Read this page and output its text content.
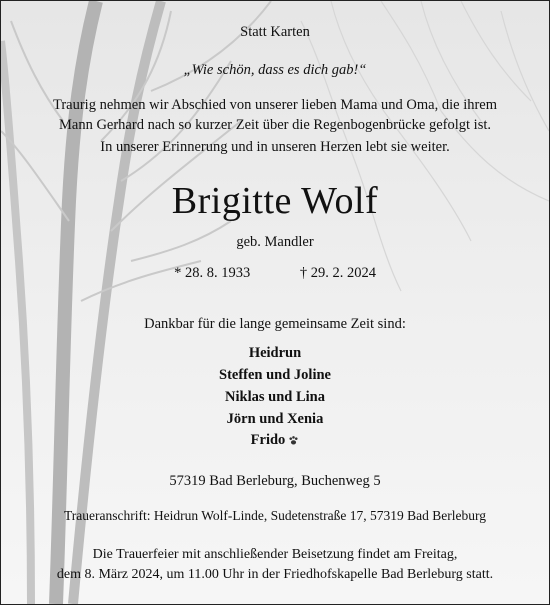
Statt Karten
„Wie schön, dass es dich gab!“
Traurig nehmen wir Abschied von unserer lieben Mama und Oma, die ihrem
Mann Gerhard nach so kurzer Zeit über die Regenbogenbrücke gefolgt ist.
In unserer Erinnerung und in unseren Herzen lebt sie weiter.
Brigitte Wolf
geb. Mandler
* 28. 8. 1933	† 29. 2. 2024
Dankbar für die lange gemeinsame Zeit sind:
Heidrun
Steffen und Joline
Niklas und Lina
Jörn und Xenia
Frido
57319 Bad Berleburg, Buchenweg 5
Traueranschrift: Heidrun Wolf-Linde, Sudetenstraße 17, 57319 Bad Berleburg
Die Trauerfeier mit anschließender Beisetzung findet am Freitag,
dem 8. März 2024, um 11.00 Uhr in der Friedhofskapelle Bad Berleburg statt.
